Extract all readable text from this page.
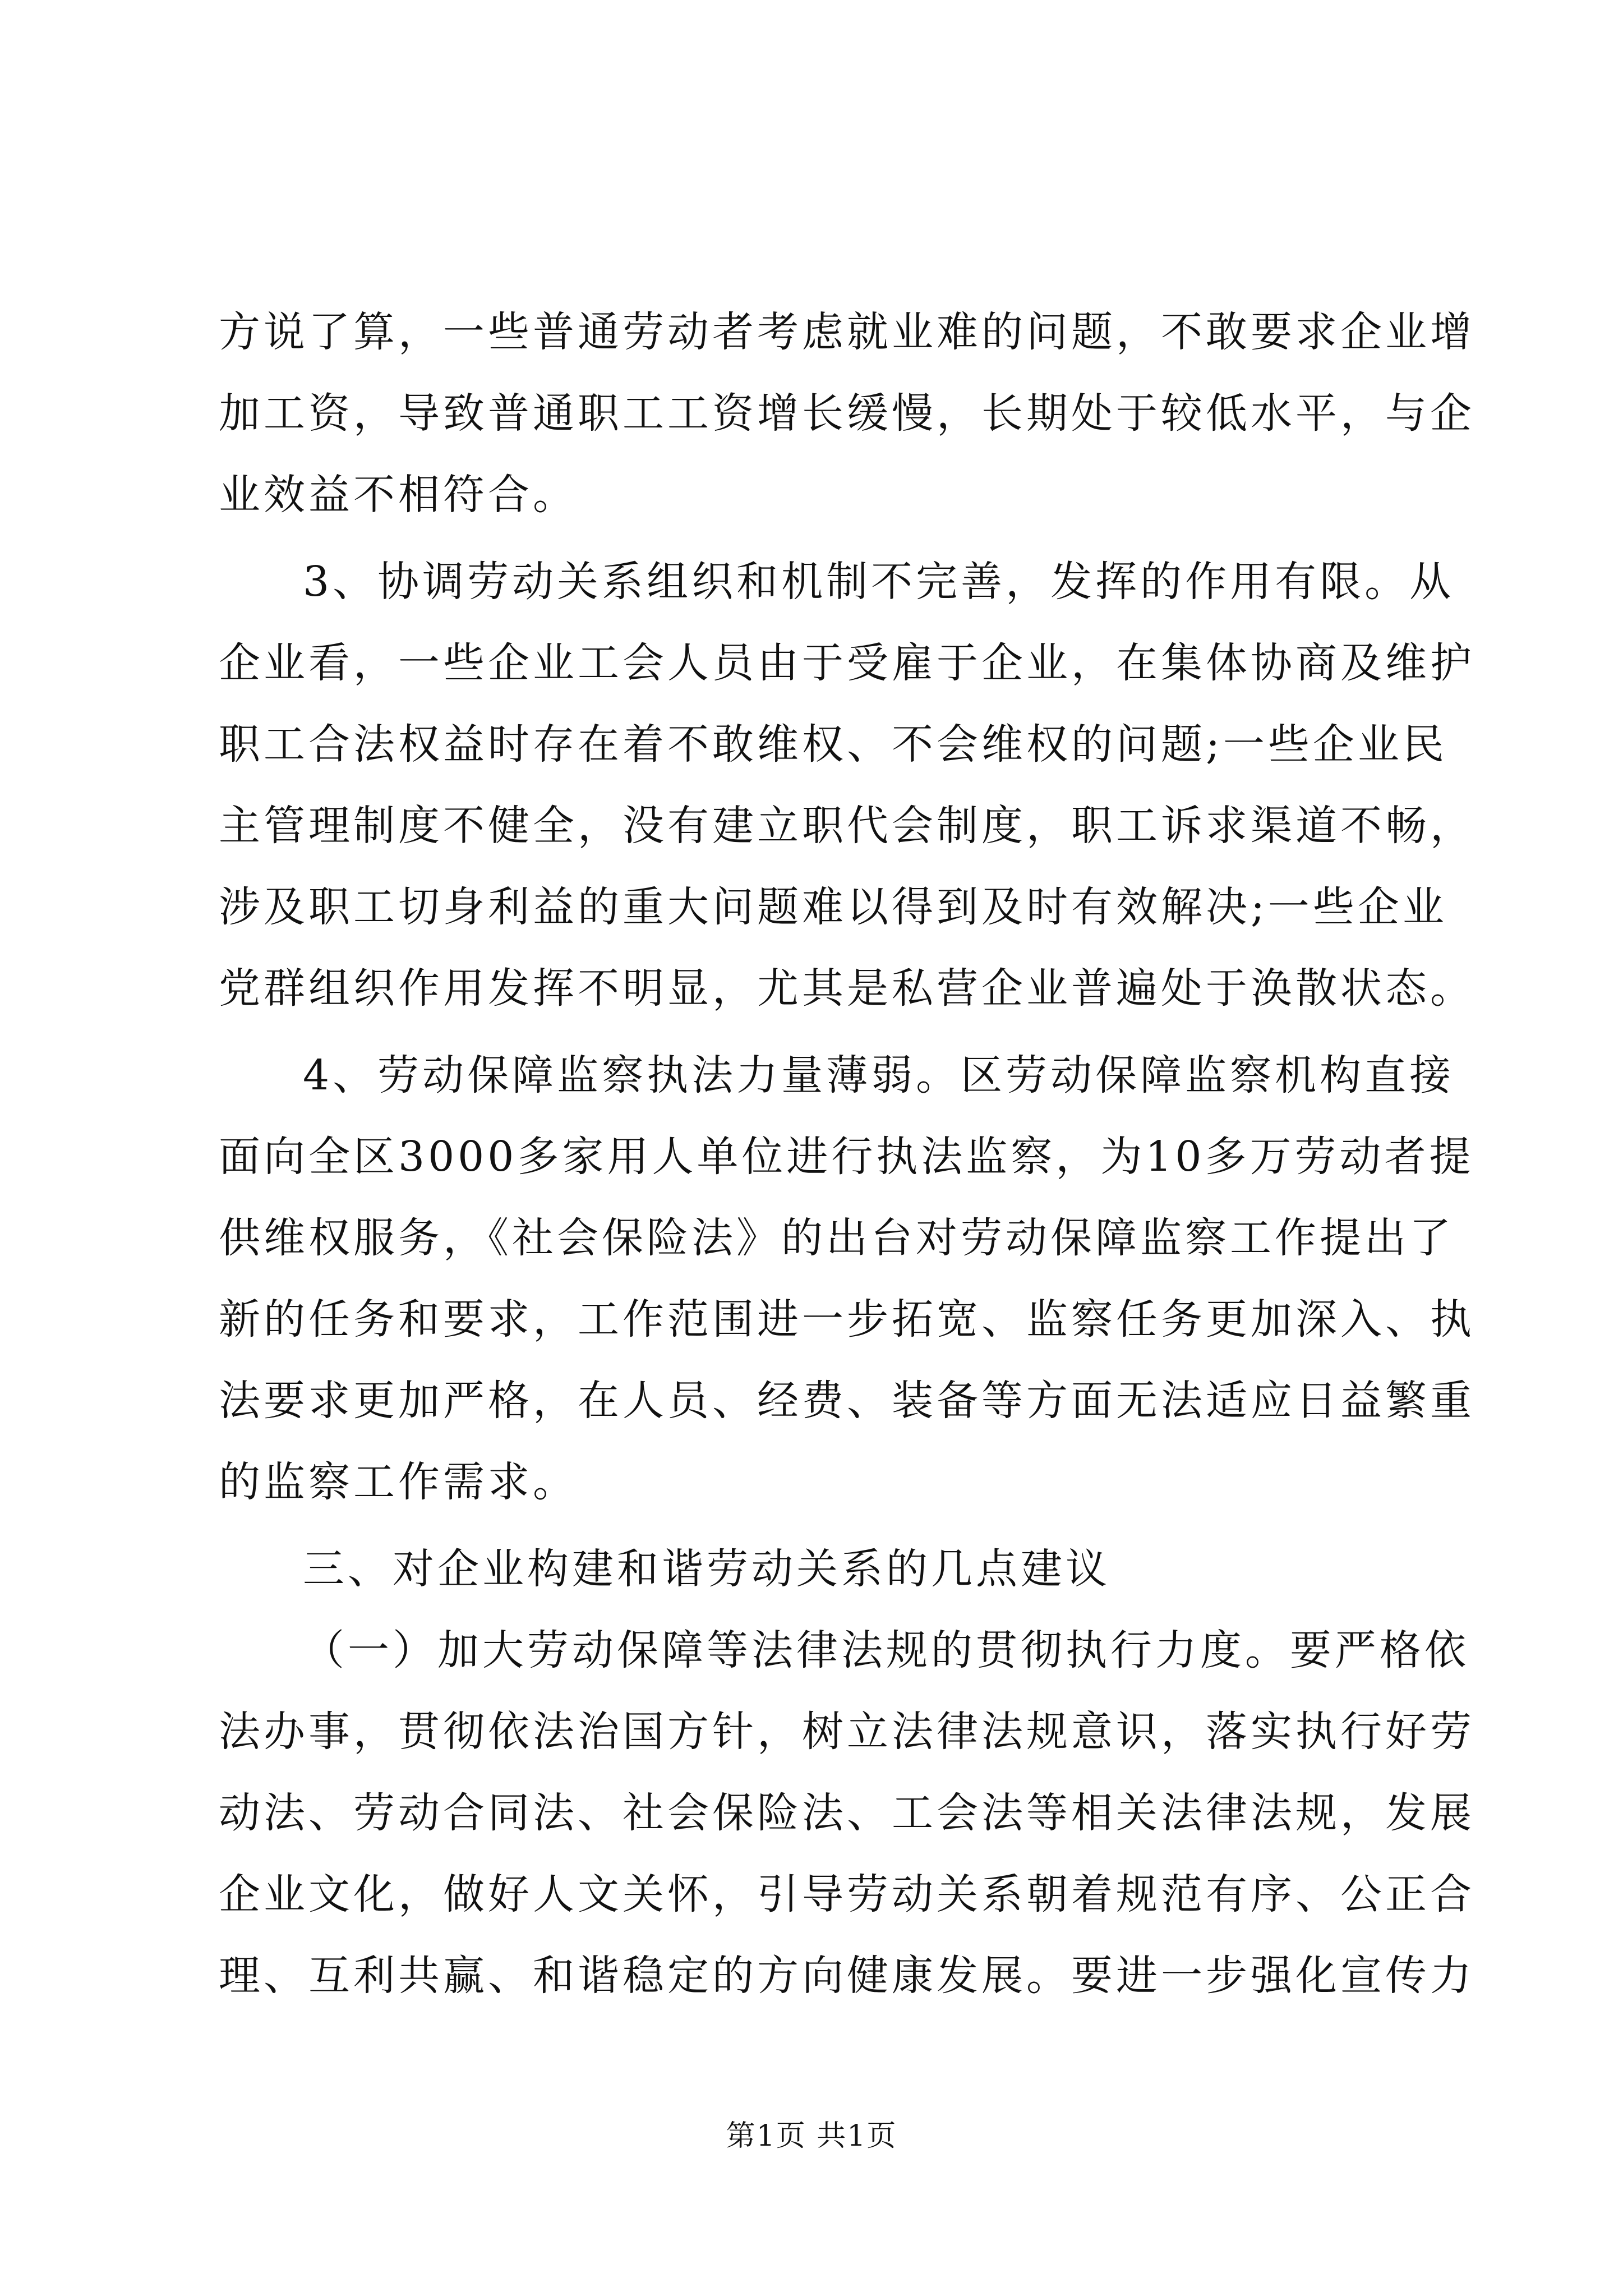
方说了算，一些普通劳动者考虑就业难的问题，不敢要求企业增
加工资，导致普通职工工资增长缓慢，长期处于较低水平，与企
业效益不相符合。
3、协调劳动关系组织和机制不完善，发挥的作用有限。从
企业看，一些企业工会人员由于受雇于企业，在集体协商及维护
职工合法权益时存在着不敢维权、不会维权的问题;一些企业民
主管理制度不健全，没有建立职代会制度，职工诉求渠道不畅，
涉及职工切身利益的重大问题难以得到及时有效解决;一些企业
党群组织作用发挥不明显，尤其是私营企业普遍处于涣散状态。
4、劳动保障监察执法力量薄弱。区劳动保障监察机构直接
面向全区3000多家用人单位进行执法监察，为10多万劳动者提
供维权服务，《社会保险法》的出台对劳动保障监察工作提出了
新的任务和要求，工作范围进一步拓宽、监察任务更加深入、执
法要求更加严格，在人员、经费、装备等方面无法适应日益繁重
的监察工作需求。
三、对企业构建和谐劳动关系的几点建议
（一）加大劳动保障等法律法规的贯彻执行力度。要严格依
法办事，贯彻依法治国方针，树立法律法规意识，落实执行好劳
动法、劳动合同法、社会保险法、工会法等相关法律法规，发展
企业文化，做好人文关怀，引导劳动关系朝着规范有序、公正合
理、互利共赢、和谐稳定的方向健康发展。要进一步强化宣传力
第1页 共1页
